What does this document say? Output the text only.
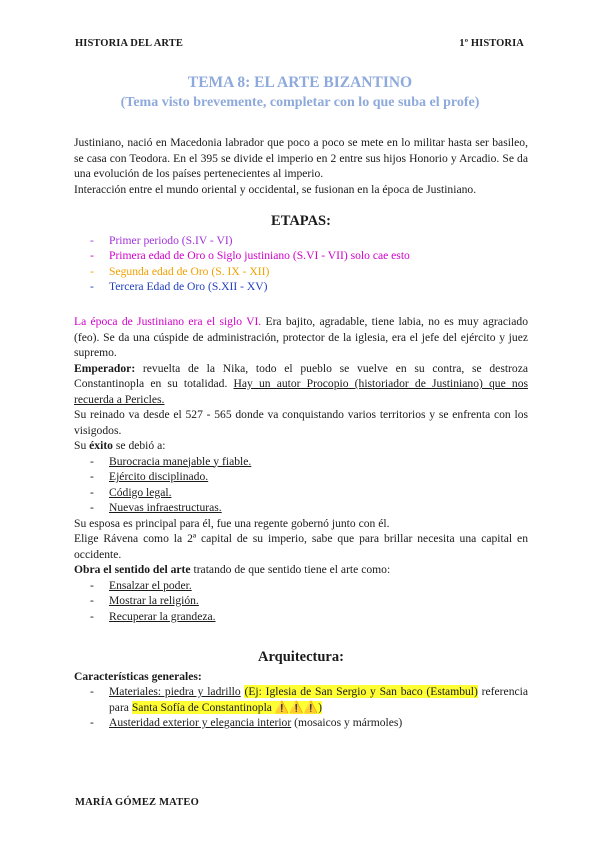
HISTORIA DEL ARTE	1º HISTORIA
TEMA 8: EL ARTE BIZANTINO
(Tema visto brevemente, completar con lo que suba el profe)

Justiniano, nació en Macedonia labrador que poco a poco se mete en lo militar hasta ser basileo, se casa con Teodora. En el 395 se divide el imperio en 2 entre sus hijos Honorio y Arcadio. Se da una evolución de los países pertenecientes al imperio.

Interacción entre el mundo oriental y occidental, se fusionan en la época de Justiniano.

ETAPAS:
- Primer periodo (S.IV - VI)
- Primera edad de Oro o Siglo justiniano (S.VI - VII) solo cae esto
- Segunda edad de Oro (S. IX - XII)
- Tercera Edad de Oro (S.XII - XV)

La época de Justiniano era el siglo VI. Era bajito, agradable, tiene labia, no es muy agraciado (feo). Se da una cúspide de administración, protector de la iglesia, era el jefe del ejército y juez supremo.

Emperador: revuelta de la Nika, todo el pueblo se vuelve en su contra, se destroza Constantinopla en su totalidad. Hay un autor Procopio (historiador de Justiniano) que nos recuerda a Pericles.

Su reinado va desde el 527 - 565 donde va conquistando varios territorios y se enfrenta con los visigodos.

Su éxito se debió a:

- Burocracia manejable y fiable.
- Ejército disciplinado.
- Código legal.
- Nuevas infraestructuras.

Su esposa es principal para él, fue una regente gobernó junto con él.

Elige Rávena como la 2ª capital de su imperio, sabe que para brillar necesita una capital en occidente.

Obra el sentido del arte tratando de que sentido tiene el arte como:

- Ensalzar el poder.
- Mostrar la religión.
- Recuperar la grandeza.
Arquitectura:

Características generales:

- Materiales: piedra y ladrillo (Ej: Iglesia de San Sergio y San baco (Estambul) referencia para Santa Sofía de Constantinopla ⚠️⚠️⚠️)
- Austeridad exterior y elegancia interior (mosaicos y mármoles)
MARÍA GÓMEZ MATEO
